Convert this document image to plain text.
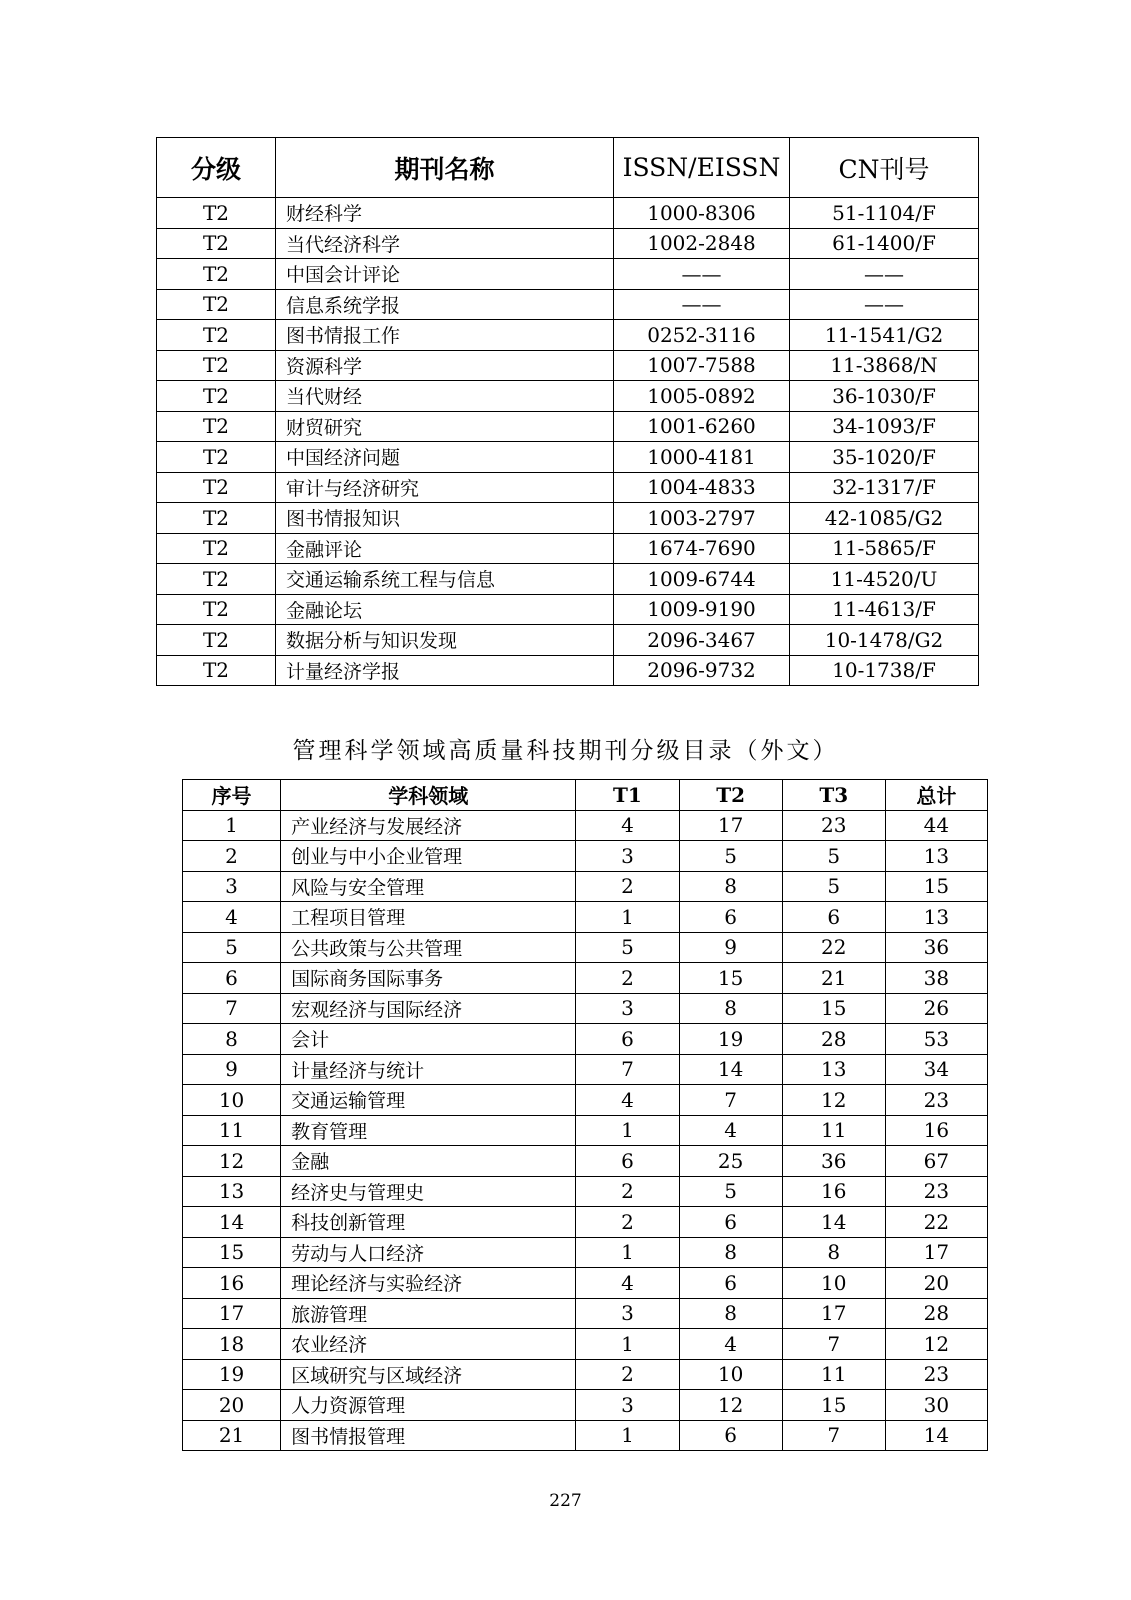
分级	期刊名称	ISSN/EISSN	CN刊号
T2	财经科学	1000-8306	51-1104/F
T2	当代经济科学	1002-2848	61-1400/F
T2	中国会计评论	——	——
T2	信息系统学报	——	——
T2	图书情报工作	0252-3116	11-1541/G2
T2	资源科学	1007-7588	11-3868/N
T2	当代财经	1005-0892	36-1030/F
T2	财贸研究	1001-6260	34-1093/F
T2	中国经济问题	1000-4181	35-1020/F
T2	审计与经济研究	1004-4833	32-1317/F
T2	图书情报知识	1003-2797	42-1085/G2
T2	金融评论	1674-7690	11-5865/F
T2	交通运输系统工程与信息	1009-6744	11-4520/U
T2	金融论坛	1009-9190	11-4613/F
T2	数据分析与知识发现	2096-3467	10-1478/G2
T2	计量经济学报	2096-9732	10-1738/F
管理科学领域高质量科技期刊分级目录（外文）
序号	学科领域	T1	T2	T3	总计
1	产业经济与发展经济	4	17	23	44
2	创业与中小企业管理	3	5	5	13
3	风险与安全管理	2	8	5	15
4	工程项目管理	1	6	6	13
5	公共政策与公共管理	5	9	22	36
6	国际商务国际事务	2	15	21	38
7	宏观经济与国际经济	3	8	15	26
8	会计	6	19	28	53
9	计量经济与统计	7	14	13	34
10	交通运输管理	4	7	12	23
11	教育管理	1	4	11	16
12	金融	6	25	36	67
13	经济史与管理史	2	5	16	23
14	科技创新管理	2	6	14	22
15	劳动与人口经济	1	8	8	17
16	理论经济与实验经济	4	6	10	20
17	旅游管理	3	8	17	28
18	农业经济	1	4	7	12
19	区域研究与区域经济	2	10	11	23
20	人力资源管理	3	12	15	30
21	图书情报管理	1	6	7	14
227
